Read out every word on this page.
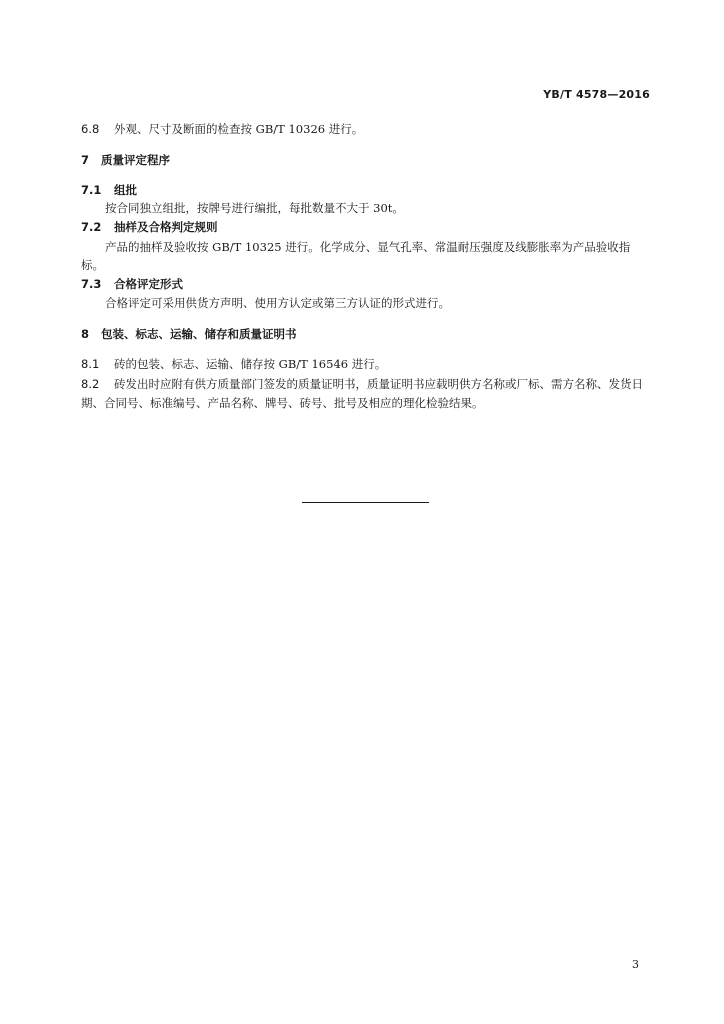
YB/T 4578—2016
6.8 外观、尺寸及断面的检查按 GB/T 10326 进行。
7 质量评定程序
7.1 组批
按合同独立组批，按牌号进行编批，每批数量不大于 30t。
7.2 抽样及合格判定规则
产品的抽样及验收按 GB/T 10325 进行。化学成分、显气孔率、常温耐压强度及线膨胀率为产品验收指标。
7.3 合格评定形式
合格评定可采用供货方声明、使用方认定或第三方认证的形式进行。
8 包装、标志、运输、储存和质量证明书
8.1 砖的包装、标志、运输、储存按 GB/T 16546 进行。
8.2 砖发出时应附有供方质量部门签发的质量证明书，质量证明书应载明供方名称或厂标、需方名称、发货日期、合同号、标准编号、产品名称、牌号、砖号、批号及相应的理化检验结果。
3
